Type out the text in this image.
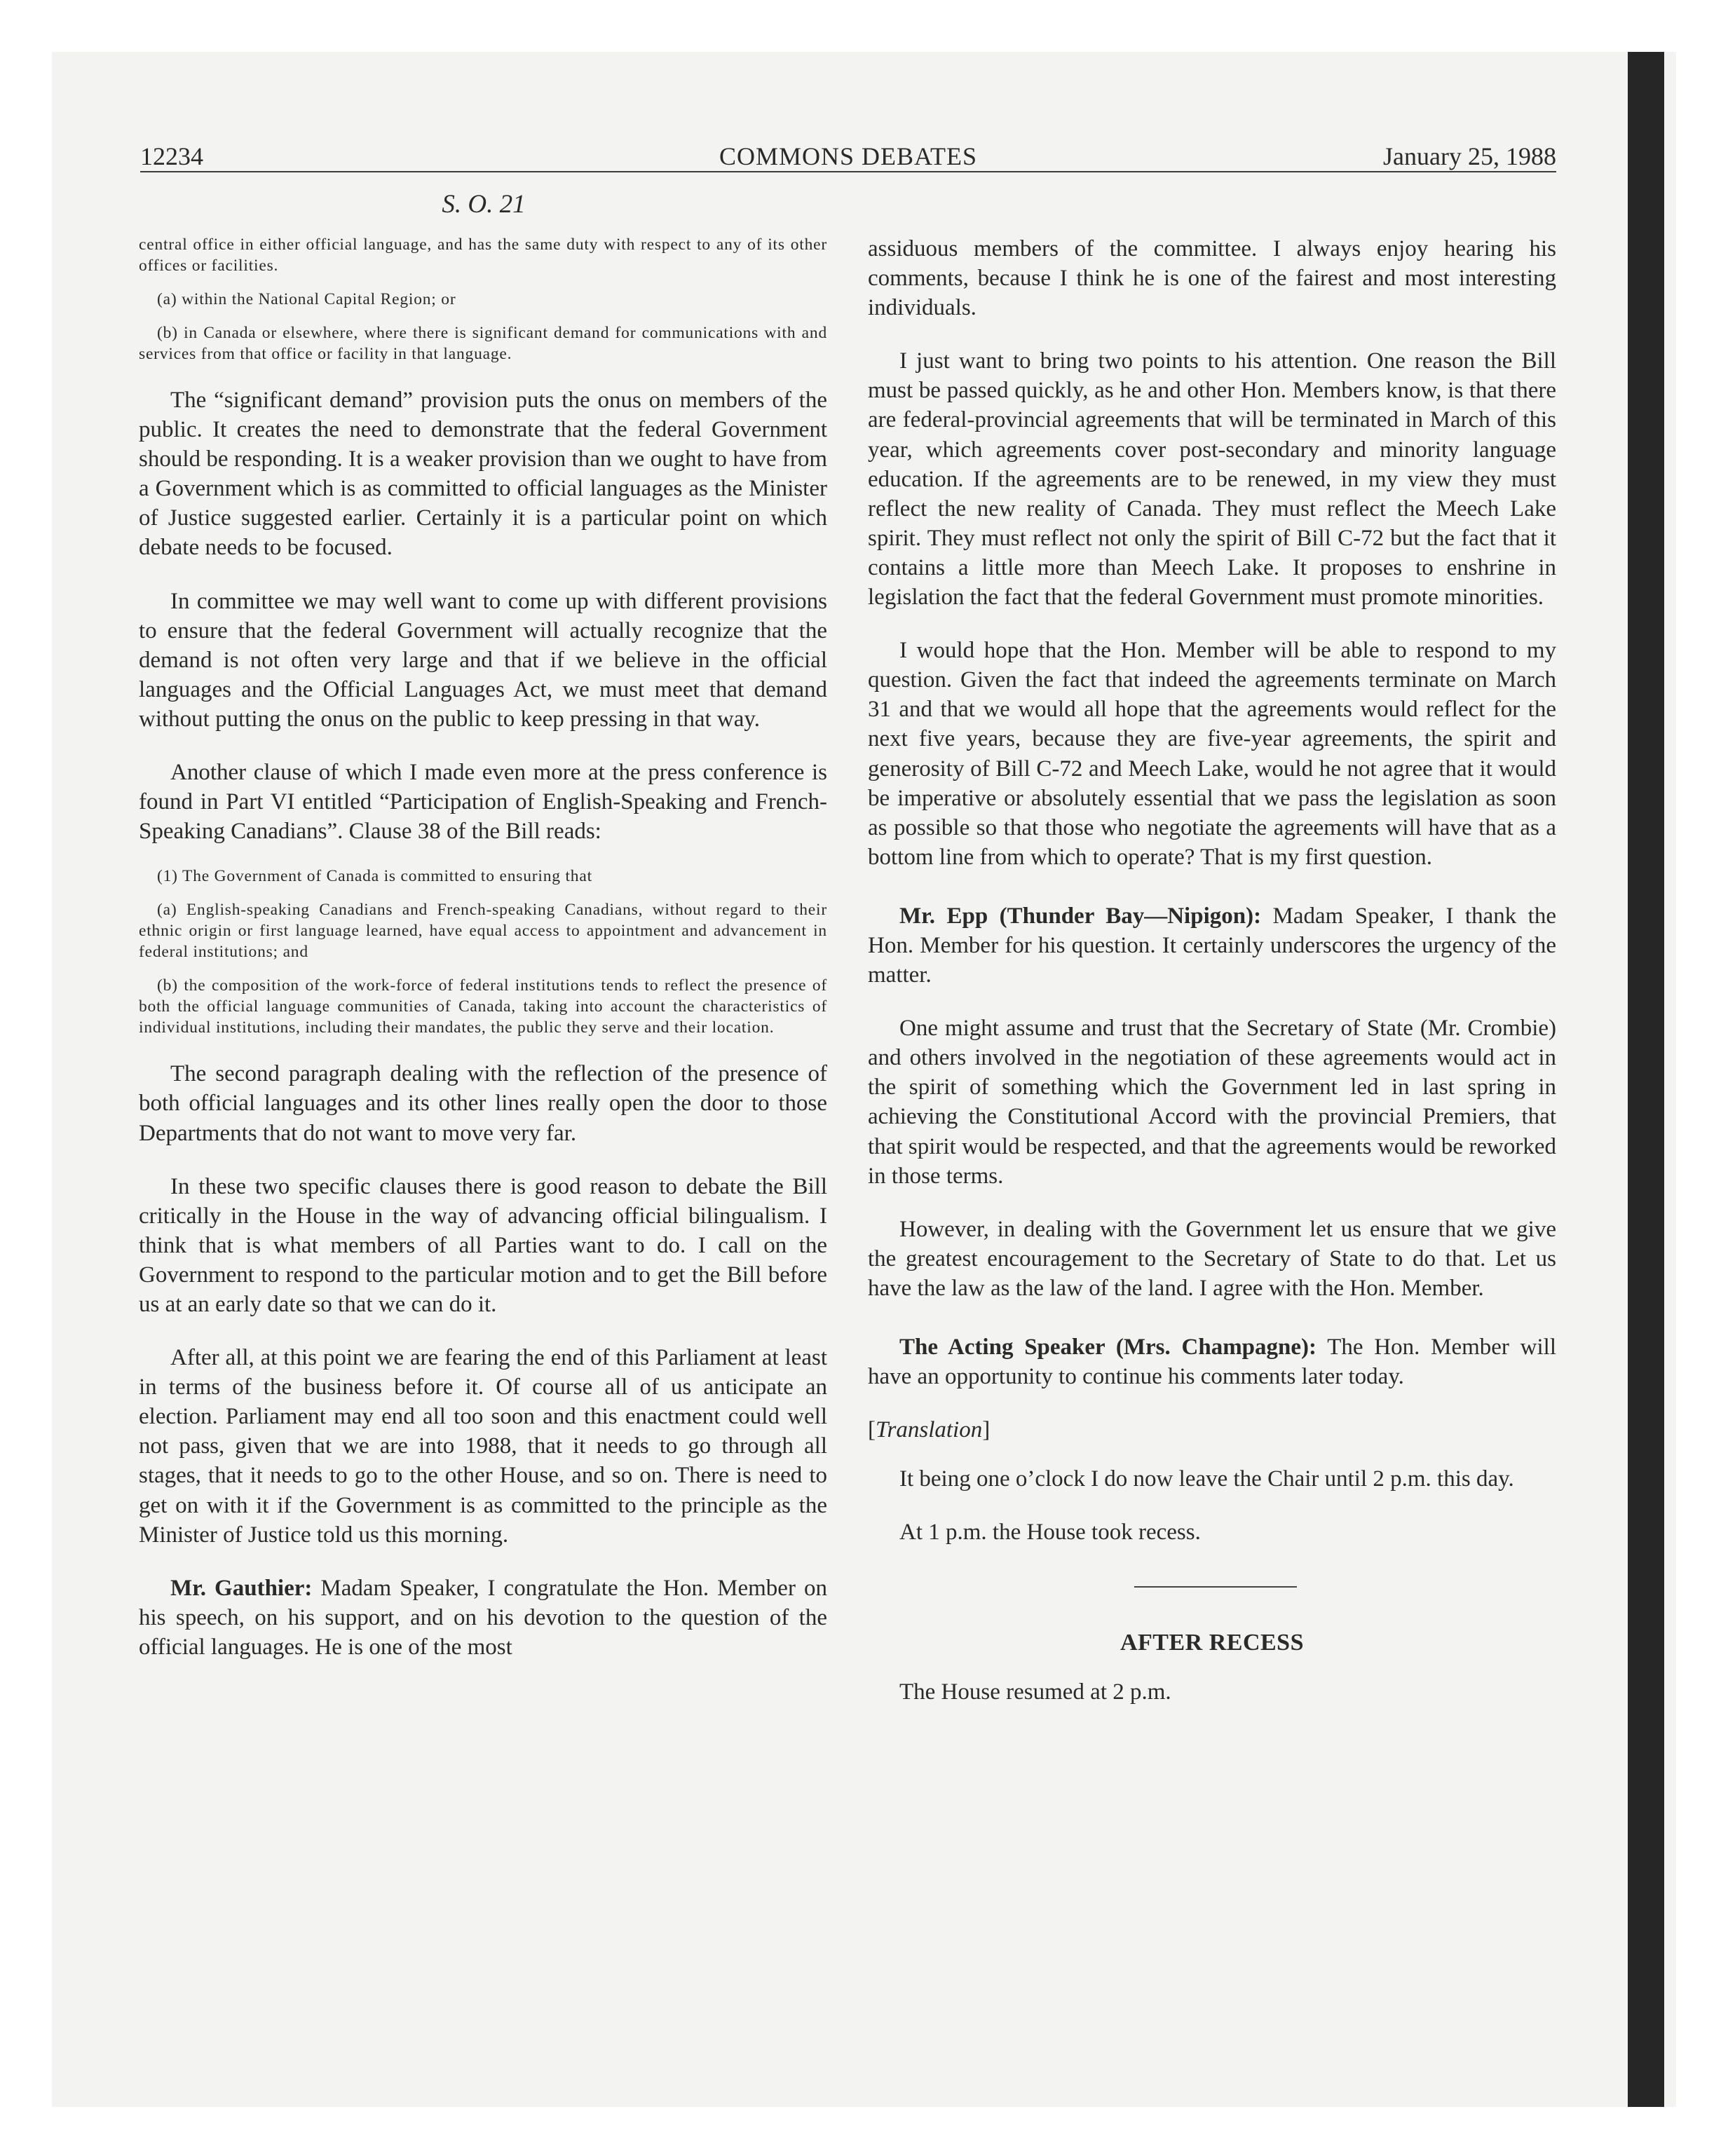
12234	COMMONS DEBATES	January 25, 1988
S. O. 21

central office in either official language, and has the same duty with respect to any of its other offices or facilities.

(a) within the National Capital Region; or

(b) in Canada or elsewhere, where there is significant demand for communications with and services from that office or facility in that language.

The “significant demand” provision puts the onus on members of the public. It creates the need to demonstrate that the federal Government should be responding. It is a weaker provision than we ought to have from a Government which is as committed to official languages as the Minister of Justice suggested earlier. Certainly it is a particular point on which debate needs to be focused.

In committee we may well want to come up with different provisions to ensure that the federal Government will actually recognize that the demand is not often very large and that if we believe in the official languages and the Official Languages Act, we must meet that demand without putting the onus on the public to keep pressing in that way.

Another clause of which I made even more at the press conference is found in Part VI entitled “Participation of English-Speaking and French-Speaking Canadians”. Clause 38 of the Bill reads:

(1) The Government of Canada is committed to ensuring that

(a) English-speaking Canadians and French-speaking Canadians, without regard to their ethnic origin or first language learned, have equal access to appointment and advancement in federal institutions; and

(b) the composition of the work-force of federal institutions tends to reflect the presence of both the official language communities of Canada, taking into account the characteristics of individual institutions, including their mandates, the public they serve and their location.

The second paragraph dealing with the reflection of the presence of both official languages and its other lines really open the door to those Departments that do not want to move very far.

In these two specific clauses there is good reason to debate the Bill critically in the House in the way of advancing official bilingualism. I think that is what members of all Parties want to do. I call on the Government to respond to the particular motion and to get the Bill before us at an early date so that we can do it.

After all, at this point we are fearing the end of this Parliament at least in terms of the business before it. Of course all of us anticipate an election. Parliament may end all too soon and this enactment could well not pass, given that we are into 1988, that it needs to go through all stages, that it needs to go to the other House, and so on. There is need to get on with it if the Government is as committed to the principle as the Minister of Justice told us this morning.

Mr. Gauthier: Madam Speaker, I congratulate the Hon. Member on his speech, on his support, and on his devotion to the question of the official languages. He is one of the most

assiduous members of the committee. I always enjoy hearing his comments, because I think he is one of the fairest and most interesting individuals.

I just want to bring two points to his attention. One reason the Bill must be passed quickly, as he and other Hon. Members know, is that there are federal-provincial agreements that will be terminated in March of this year, which agreements cover post-secondary and minority language education. If the agreements are to be renewed, in my view they must reflect the new reality of Canada. They must reflect the Meech Lake spirit. They must reflect not only the spirit of Bill C-72 but the fact that it contains a little more than Meech Lake. It proposes to enshrine in legislation the fact that the federal Government must promote minorities.

I would hope that the Hon. Member will be able to respond to my question. Given the fact that indeed the agreements terminate on March 31 and that we would all hope that the agreements would reflect for the next five years, because they are five-year agreements, the spirit and generosity of Bill C-72 and Meech Lake, would he not agree that it would be imperative or absolutely essential that we pass the legislation as soon as possible so that those who negotiate the agreements will have that as a bottom line from which to operate? That is my first question.

Mr. Epp (Thunder Bay—Nipigon): Madam Speaker, I thank the Hon. Member for his question. It certainly underscores the urgency of the matter.

One might assume and trust that the Secretary of State (Mr. Crombie) and others involved in the negotiation of these agreements would act in the spirit of something which the Government led in last spring in achieving the Constitutional Accord with the provincial Premiers, that that spirit would be respected, and that the agreements would be reworked in those terms.

However, in dealing with the Government let us ensure that we give the greatest encouragement to the Secretary of State to do that. Let us have the law as the law of the land. I agree with the Hon. Member.

The Acting Speaker (Mrs. Champagne): The Hon. Member will have an opportunity to continue his comments later today.

[Translation]

It being one o’clock I do now leave the Chair until 2 p.m. this day.

At 1 p.m. the House took recess.

AFTER RECESS

The House resumed at 2 p.m.
